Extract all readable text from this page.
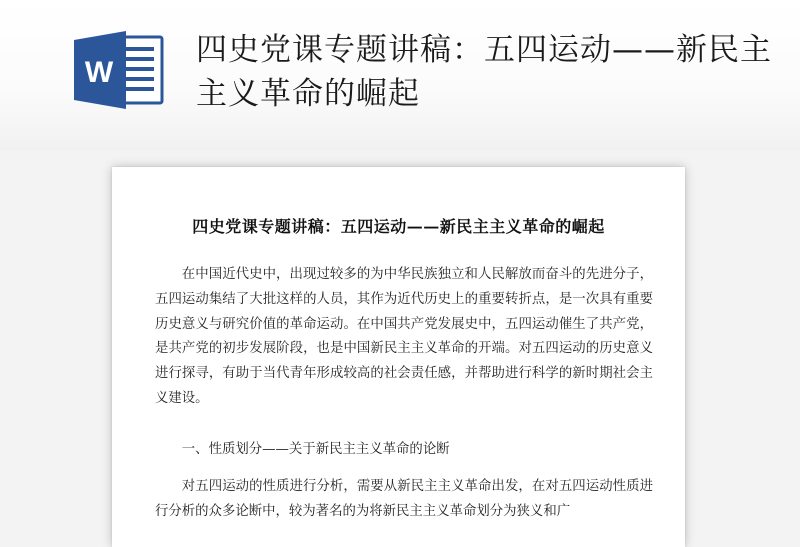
W
四史党课专题讲稿：五四运动——新民主主义革命的崛起
四史党课专题讲稿：五四运动——新民主主义革命的崛起

在中国近代史中，出现过较多的为中华民族独立和人民解放而奋斗的先进分子，五四运动集结了大批这样的人员，其作为近代历史上的重要转折点，是一次具有重要历史意义与研究价值的革命运动。在中国共产党发展史中，五四运动催生了共产党，是共产党的初步发展阶段，也是中国新民主主义革命的开端。对五四运动的历史意义进行探寻，有助于当代青年形成较高的社会责任感，并帮助进行科学的新时期社会主义建设。

一、性质划分——关于新民主主义革命的论断

对五四运动的性质进行分析，需要从新民主主义革命出发，在对五四运动性质进行分析的众多论断中，较为著名的为将新民主主义革命划分为狭义和广
